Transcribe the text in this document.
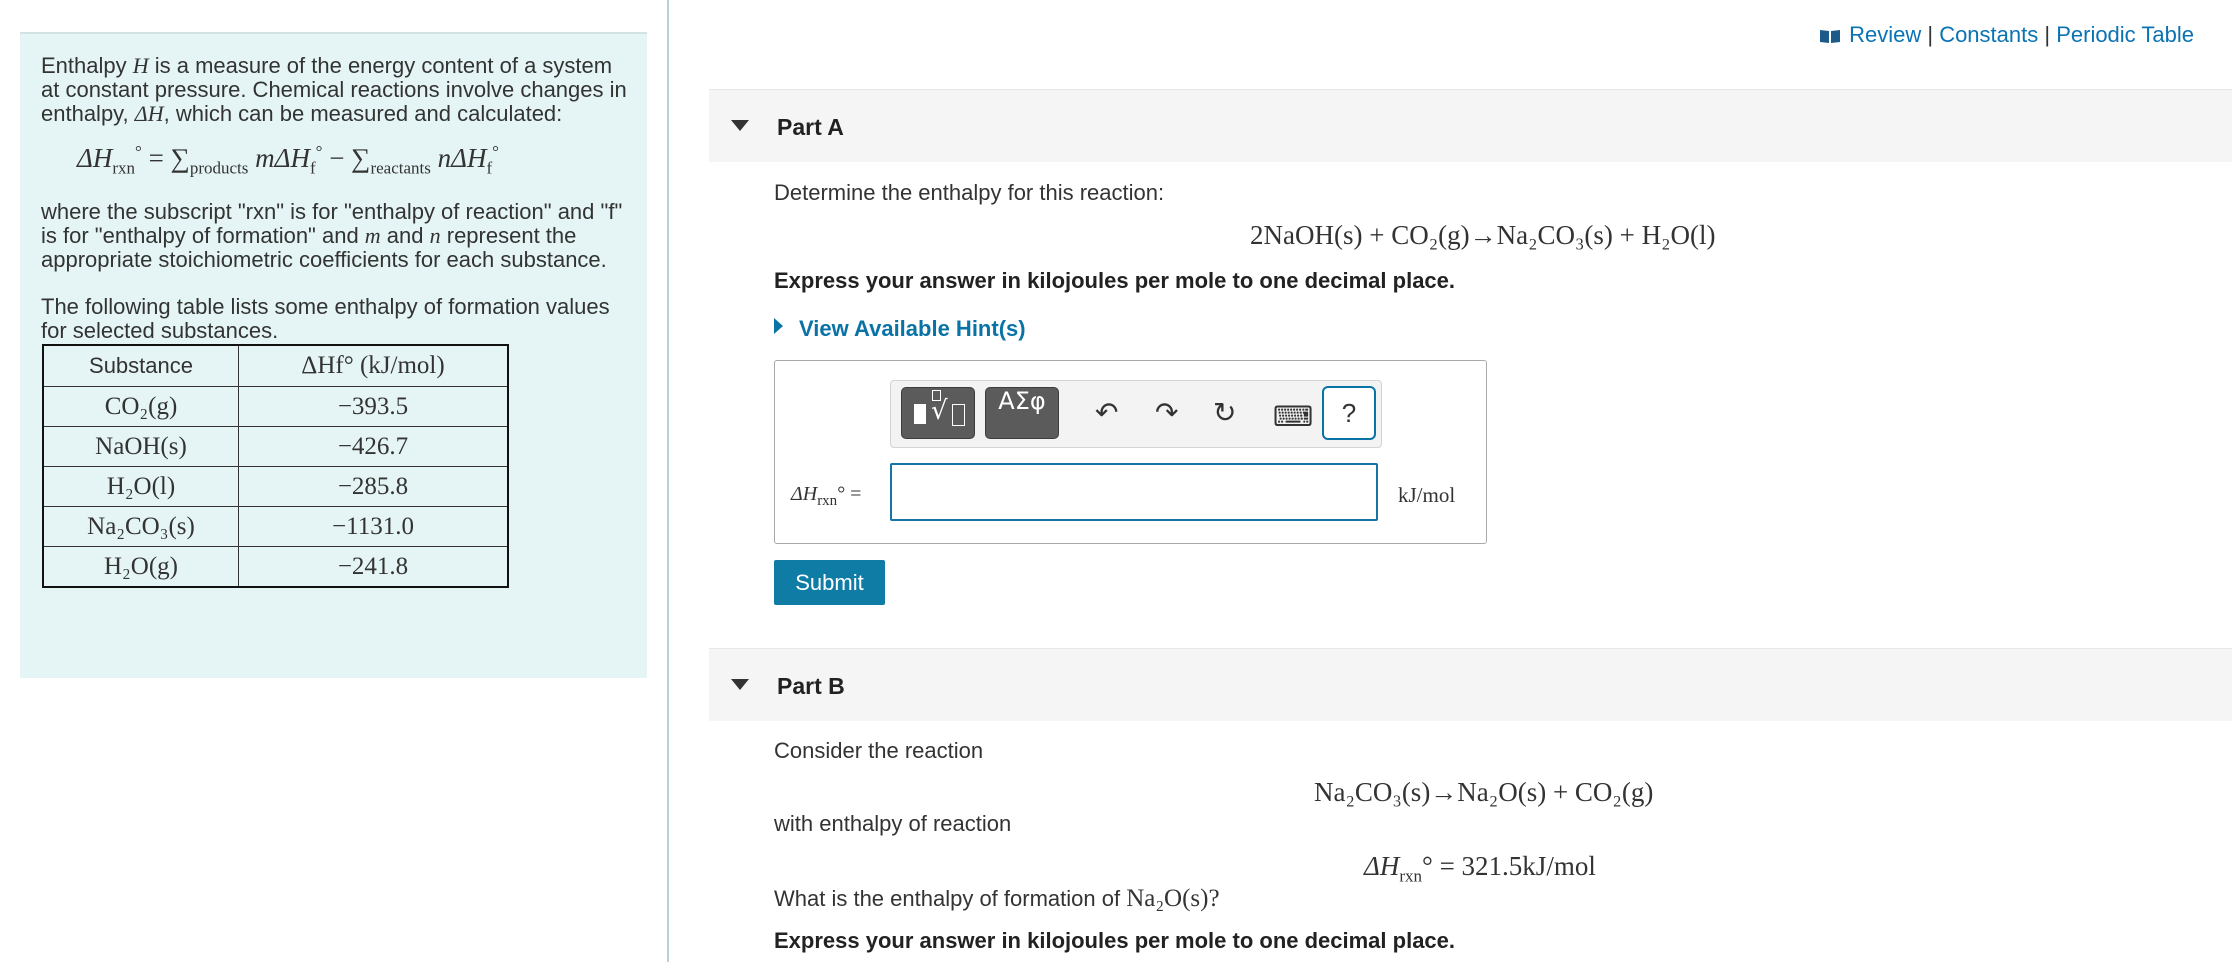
Enthalpy H is a measure of the energy content of a system at constant pressure. Chemical reactions involve changes in enthalpy, ΔH, which can be measured and calculated:

$\Delta H_{rxn}^\circ = \sum_{products}$ $m\Delta H_f^\circ - \sum_{reactants}$ nΔH$_f$°
where the subscript "rxn" is for "enthalpy of reaction" and "f" is for "enthalpy of formation" and m and n represent the appropriate stoichiometric coefficients for each substance.
The following table lists some enthalpy of formation values for selected substances.
Substance	ΔHf° (kJ/mol)
CO₂(g)	−393.5
NaOH(s)	−426.7
H₂O(l)	−285.8
Na₂CO₃(s)	−1131.0
H₂O(g)	−241.8
Review | Constants | Periodic Table
Part A
Determine the enthalpy for this reaction:
2NaOH(s) + CO₂(g)→Na₂CO₃(s) + H₂O(l)
Express your answer in kilojoules per mole to one decimal place.
View Available Hint(s)
√	ΑΣφ	↶ ↷ ↻ ⌨	?
$\Delta H_{rxn}^\circ$ =	kJ/mol
Submit
Part B
Consider the reaction
Na₂CO₃(s)→Na₂O(s) + CO₂(g)
with enthalpy of reaction
$\Delta H_{rxn}^\circ = 321.5kJ/mol$
What is the enthalpy of formation of Na₂O(s)?
Express your answer in kilojoules per mole to one decimal place.
